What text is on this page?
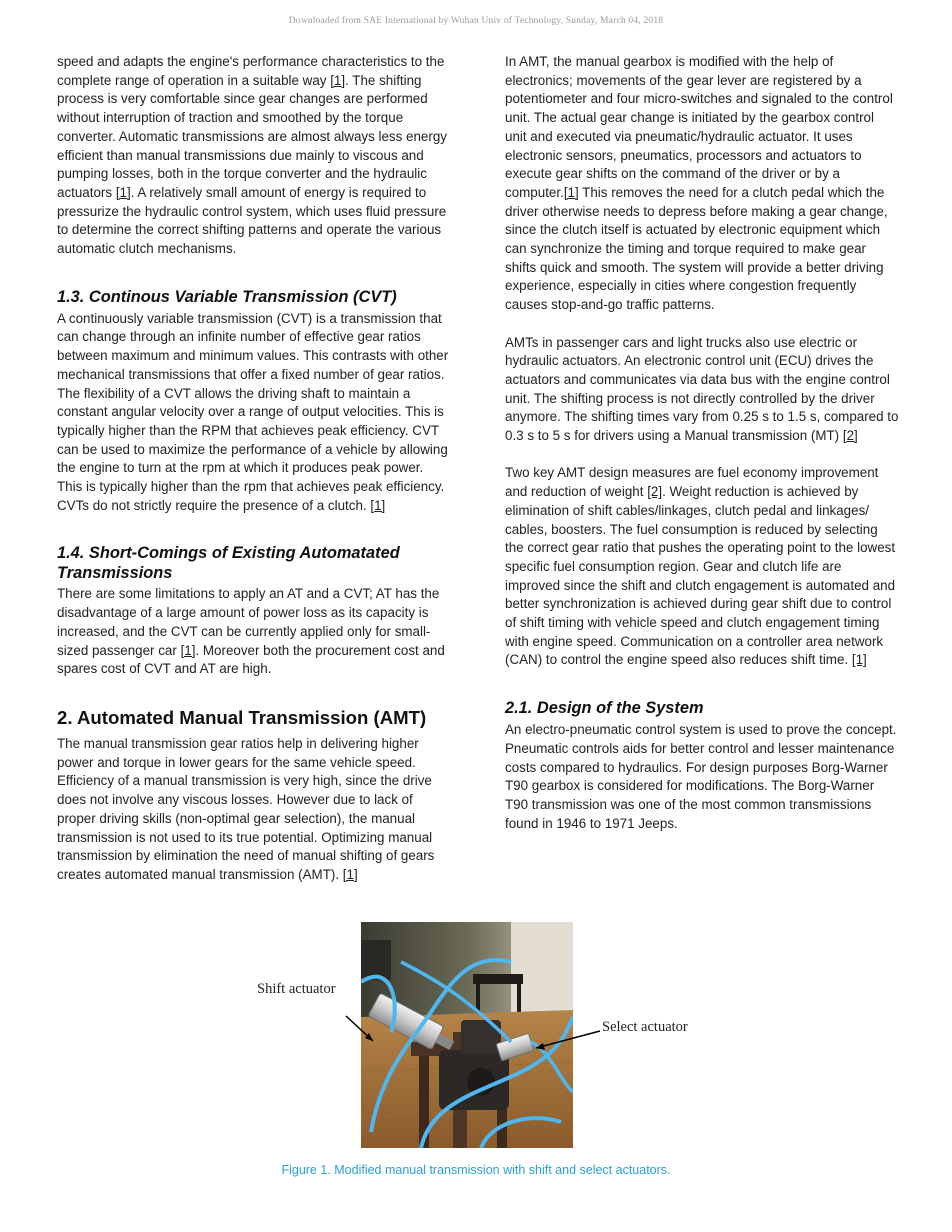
Downloaded from SAE International by Wuhan Univ of Technology, Sunday, March 04, 2018

speed and adapts the engine's performance characteristics to the complete range of operation in a suitable way [1]. The shifting process is very comfortable since gear changes are performed without interruption of traction and smoothed by the torque converter. Automatic transmissions are almost always less energy efficient than manual transmissions due mainly to viscous and pumping losses, both in the torque converter and the hydraulic actuators [1]. A relatively small amount of energy is required to pressurize the hydraulic control system, which uses fluid pressure to determine the correct shifting patterns and operate the various automatic clutch mechanisms.

1.3. Continous Variable Transmission (CVT)

A continuously variable transmission (CVT) is a transmission that can change through an infinite number of effective gear ratios between maximum and minimum values. This contrasts with other mechanical transmissions that offer a fixed number of gear ratios. The flexibility of a CVT allows the driving shaft to maintain a constant angular velocity over a range of output velocities. This is typically higher than the RPM that achieves peak efficiency. CVT can be used to maximize the performance of a vehicle by allowing the engine to turn at the rpm at which it produces peak power. This is typically higher than the rpm that achieves peak efficiency. CVTs do not strictly require the presence of a clutch. [1]

1.4. Short-Comings of Existing Automatated Transmissions

There are some limitations to apply an AT and a CVT; AT has the disadvantage of a large amount of power loss as its capacity is increased, and the CVT can be currently applied only for small-sized passenger car [1]. Moreover both the procurement cost and spares cost of CVT and AT are high.

2. Automated Manual Transmission (AMT)

The manual transmission gear ratios help in delivering higher power and torque in lower gears for the same vehicle speed. Efficiency of a manual transmission is very high, since the drive does not involve any viscous losses. However due to lack of proper driving skills (non-optimal gear selection), the manual transmission is not used to its true potential. Optimizing manual transmission by elimination the need of manual shifting of gears creates automated manual transmission (AMT). [1]

In AMT, the manual gearbox is modified with the help of electronics; movements of the gear lever are registered by a potentiometer and four micro-switches and signaled to the control unit. The actual gear change is initiated by the gearbox control unit and executed via pneumatic/hydraulic actuator. It uses electronic sensors, pneumatics, processors and actuators to execute gear shifts on the command of the driver or by a computer.[1] This removes the need for a clutch pedal which the driver otherwise needs to depress before making a gear change, since the clutch itself is actuated by electronic equipment which can synchronize the timing and torque required to make gear shifts quick and smooth. The system will provide a better driving experience, especially in cities where congestion frequently causes stop-and-go traffic patterns.

AMTs in passenger cars and light trucks also use electric or hydraulic actuators. An electronic control unit (ECU) drives the actuators and communicates via data bus with the engine control unit. The shifting process is not directly controlled by the driver anymore. The shifting times vary from 0.25 s to 1.5 s, compared to 0.3 s to 5 s for drivers using a Manual transmission (MT) [2]

Two key AMT design measures are fuel economy improvement and reduction of weight [2]. Weight reduction is achieved by elimination of shift cables/linkages, clutch pedal and linkages/ cables, boosters. The fuel consumption is reduced by selecting the correct gear ratio that pushes the operating point to the lowest specific fuel consumption region. Gear and clutch life are improved since the shift and clutch engagement is automated and better synchronization is achieved during gear shift due to control of shift timing with vehicle speed and clutch engagement timing with engine speed. Communication on a controller area network (CAN) to control the engine speed also reduces shift time. [1]

2.1. Design of the System

An electro-pneumatic control system is used to prove the concept. Pneumatic controls aids for better control and lesser maintenance costs compared to hydraulics. For design purposes Borg-Warner T90 gearbox is considered for modifications. The Borg-Warner T90 transmission was one of the most common transmissions found in 1946 to 1971 Jeeps.

Shift actuator
Select actuator
Figure 1. Modified manual transmission with shift and select actuators.
